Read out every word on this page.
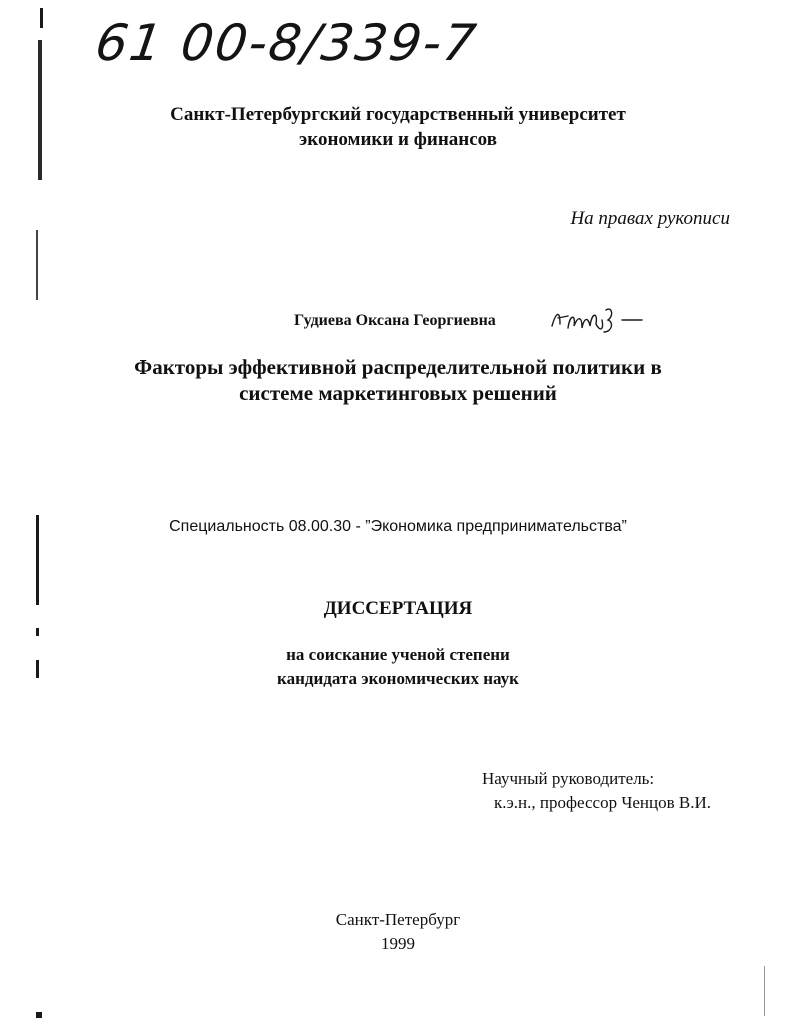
61 00-8/339-7
Санкт-Петербургский государственный университет
экономики и финансов
На правах рукописи
Гудиева Оксана Георгиевна
Факторы эффективной распределительной политики в
системе маркетинговых решений
Специальность 08.00.30 - ”Экономика предпринимательства”
ДИССЕРТАЦИЯ
на соискание ученой степени
кандидата экономических наук
Научный руководитель:
к.э.н., профессор Ченцов В.И.
Санкт-Петербург
1999
